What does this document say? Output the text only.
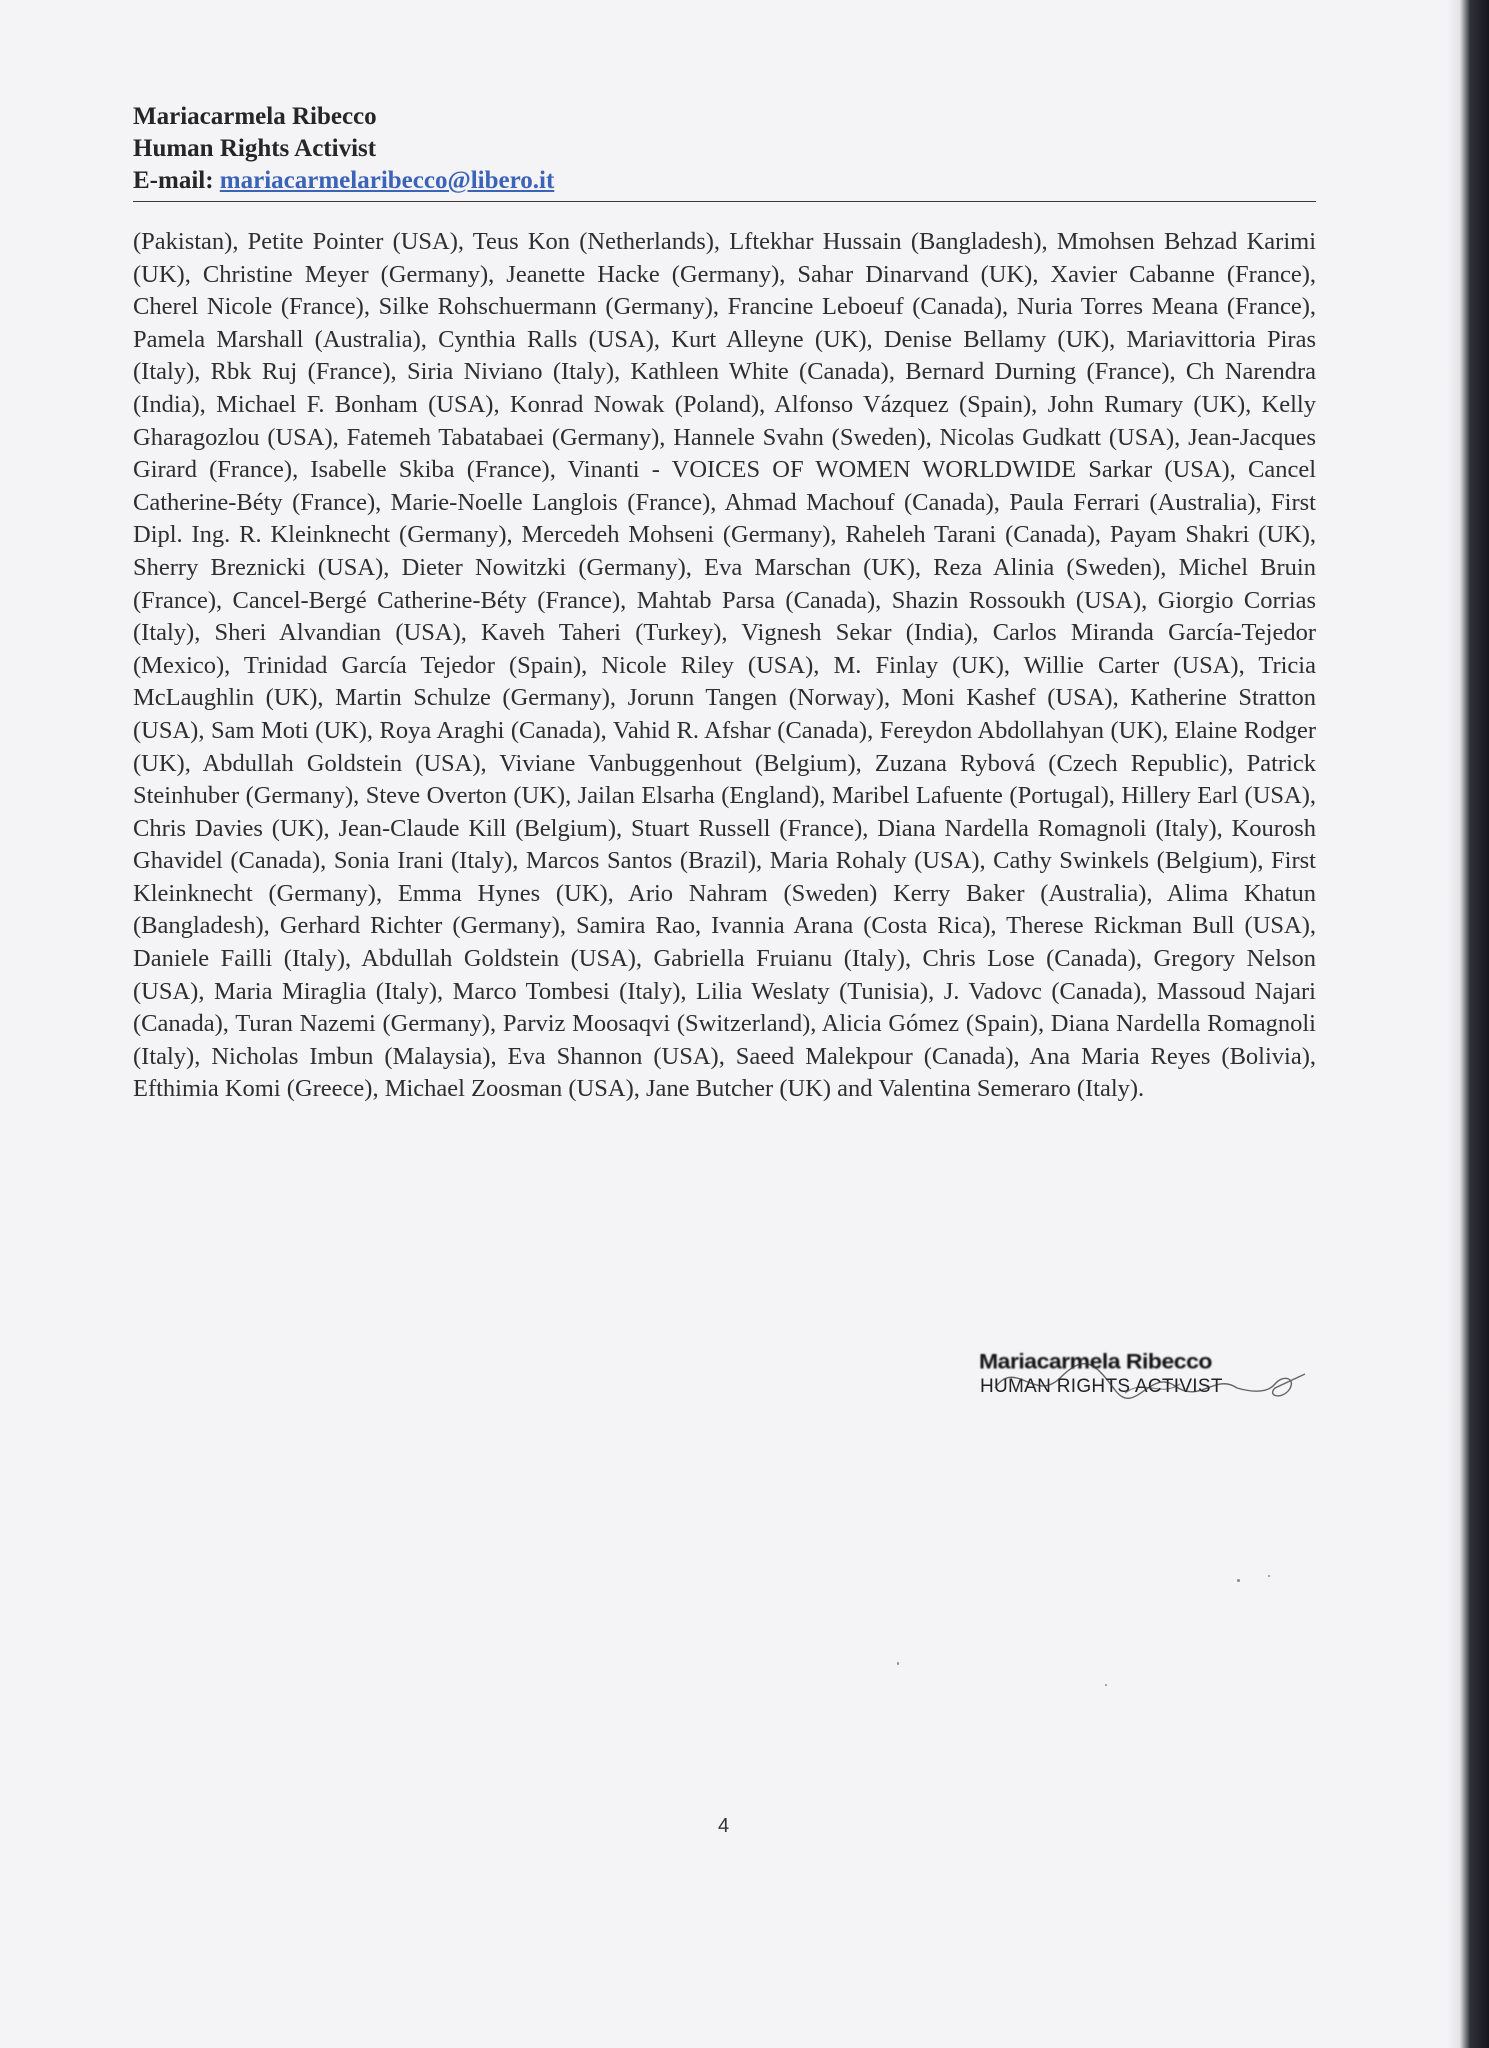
Mariacarmela Ribecco
Human Rights Activist
E-mail: mariacarmelaribecco@libero.it

(Pakistan), Petite Pointer (USA), Teus Kon (Netherlands), Lftekhar Hussain (Bangladesh), Mmohsen Behzad Karimi (UK), Christine Meyer (Germany), Jeanette Hacke (Germany), Sahar Dinarvand (UK), Xavier Cabanne (France), Cherel Nicole (France), Silke Rohschuermann (Germany), Francine Leboeuf (Canada), Nuria Torres Meana (France), Pamela Marshall (Australia), Cynthia Ralls (USA), Kurt Alleyne (UK), Denise Bellamy (UK), Mariavittoria Piras (Italy), Rbk Ruj (France), Siria Niviano (Italy), Kathleen White (Canada), Bernard Durning (France), Ch Narendra (India), Michael F. Bonham (USA), Konrad Nowak (Poland), Alfonso Vázquez (Spain), John Rumary (UK), Kelly Gharagozlou (USA), Fatemeh Tabatabaei (Germany), Hannele Svahn (Sweden), Nicolas Gudkatt (USA), Jean-Jacques Girard (France), Isabelle Skiba (France), Vinanti - VOICES OF WOMEN WORLDWIDE Sarkar (USA), Cancel Catherine-Béty (France), Marie-Noelle Langlois (France), Ahmad Machouf (Canada), Paula Ferrari (Australia), First Dipl. Ing. R. Kleinknecht (Germany), Mercedeh Mohseni (Germany), Raheleh Tarani (Canada), Payam Shakri (UK), Sherry Breznicki (USA), Dieter Nowitzki (Germany), Eva Marschan (UK), Reza Alinia (Sweden), Michel Bruin (France), Cancel-Bergé Catherine-Béty (France), Mahtab Parsa (Canada), Shazin Rossoukh (USA), Giorgio Corrias (Italy), Sheri Alvandian (USA), Kaveh Taheri (Turkey), Vignesh Sekar (India), Carlos Miranda García-Tejedor (Mexico), Trinidad García Tejedor (Spain), Nicole Riley (USA), M. Finlay (UK), Willie Carter (USA), Tricia McLaughlin (UK), Martin Schulze (Germany), Jorunn Tangen (Norway), Moni Kashef (USA), Katherine Stratton (USA), Sam Moti (UK), Roya Araghi (Canada), Vahid R. Afshar (Canada), Fereydon Abdollahyan (UK), Elaine Rodger (UK), Abdullah Goldstein (USA), Viviane Vanbuggenhout (Belgium), Zuzana Rybová (Czech Republic), Patrick Steinhuber (Germany), Steve Overton (UK), Jailan Elsarha (England), Maribel Lafuente (Portugal), Hillery Earl (USA), Chris Davies (UK), Jean-Claude Kill (Belgium), Stuart Russell (France), Diana Nardella Romagnoli (Italy), Kourosh Ghavidel (Canada), Sonia Irani (Italy), Marcos Santos (Brazil), Maria Rohaly (USA), Cathy Swinkels (Belgium), First Kleinknecht (Germany), Emma Hynes (UK), Ario Nahram (Sweden) Kerry Baker (Australia), Alima Khatun (Bangladesh), Gerhard Richter (Germany), Samira Rao, Ivannia Arana (Costa Rica), Therese Rickman Bull (USA), Daniele Failli (Italy), Abdullah Goldstein (USA), Gabriella Fruianu (Italy), Chris Lose (Canada), Gregory Nelson (USA), Maria Miraglia (Italy), Marco Tombesi (Italy), Lilia Weslaty (Tunisia), J. Vadovc (Canada), Massoud Najari (Canada), Turan Nazemi (Germany), Parviz Moosaqvi (Switzerland), Alicia Gómez (Spain), Diana Nardella Romagnoli (Italy), Nicholas Imbun (Malaysia), Eva Shannon (USA), Saeed Malekpour (Canada), Ana Maria Reyes (Bolivia), Efthimia Komi (Greece), Michael Zoosman (USA), Jane Butcher (UK) and Valentina Semeraro (Italy).

Mariacarmela Ribecco
HUMAN RIGHTS ACTIVIST
4
